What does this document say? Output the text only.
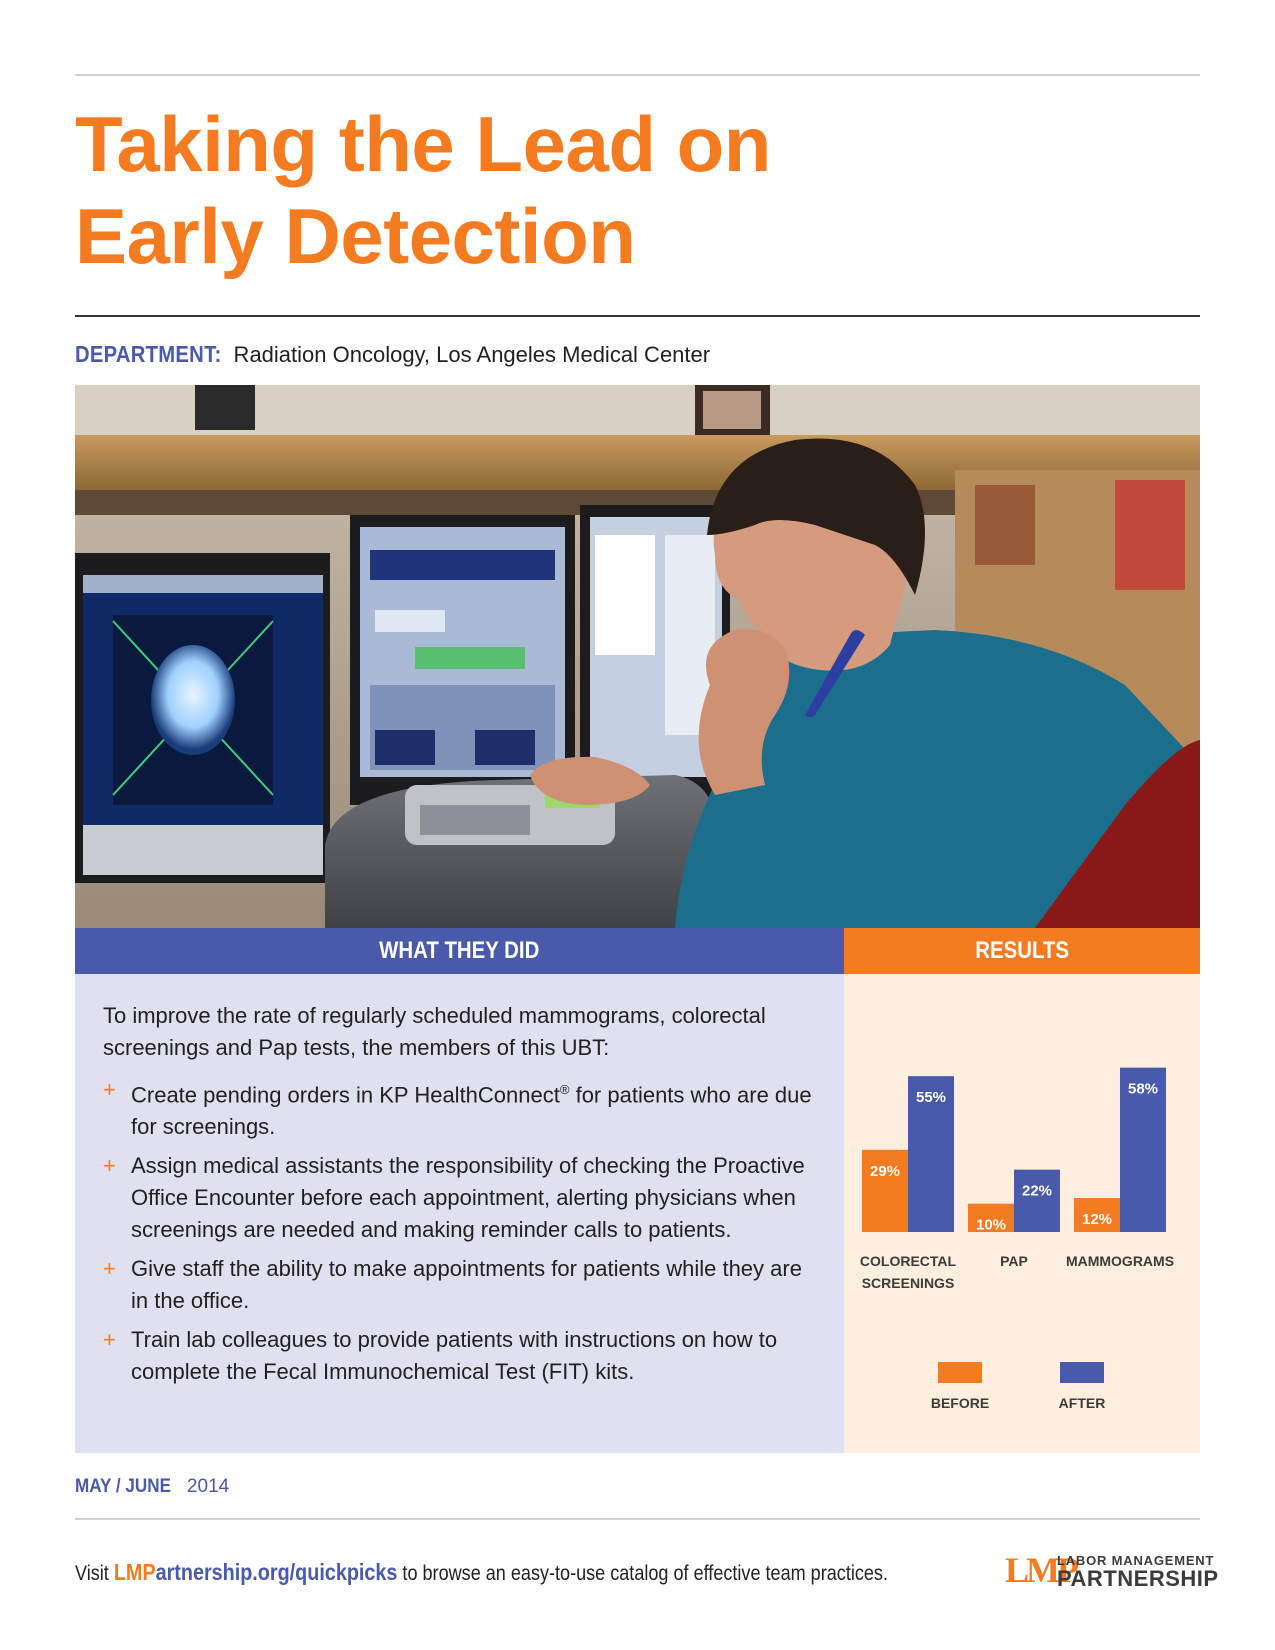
Taking the Lead on
Early Detection
DEPARTMENT: Radiation Oncology, Los Angeles Medical Center
WHAT THEY DID	RESULTS

To improve the rate of regularly scheduled mammograms, colorectal screenings and Pap tests, the members of this UBT:

+ Create pending orders in KP HealthConnect® for patients who are due for screenings.
+ Assign medical assistants the responsibility of checking the Proactive Office Encounter before each appointment, alerting physicians when screenings are needed and making reminder calls to patients.
+ Give staff the ability to make appointments for patients while they are in the office.
+ Train lab colleagues to provide patients with instructions on how to complete the Fecal Immunochemical Test (FIT) kits.
29%
55%
COLORECTAL
SCREENINGS
10%
22%
PAP
12%
58%
MAMMOGRAMS
BEFORE	AFTER
MAY / JUNE 2014
Visit LMPartnership.org/quickpicks to browse an easy-to-use catalog of effective team practices.	LMP
LABOR MANAGEMENT
PARTNERSHIP
